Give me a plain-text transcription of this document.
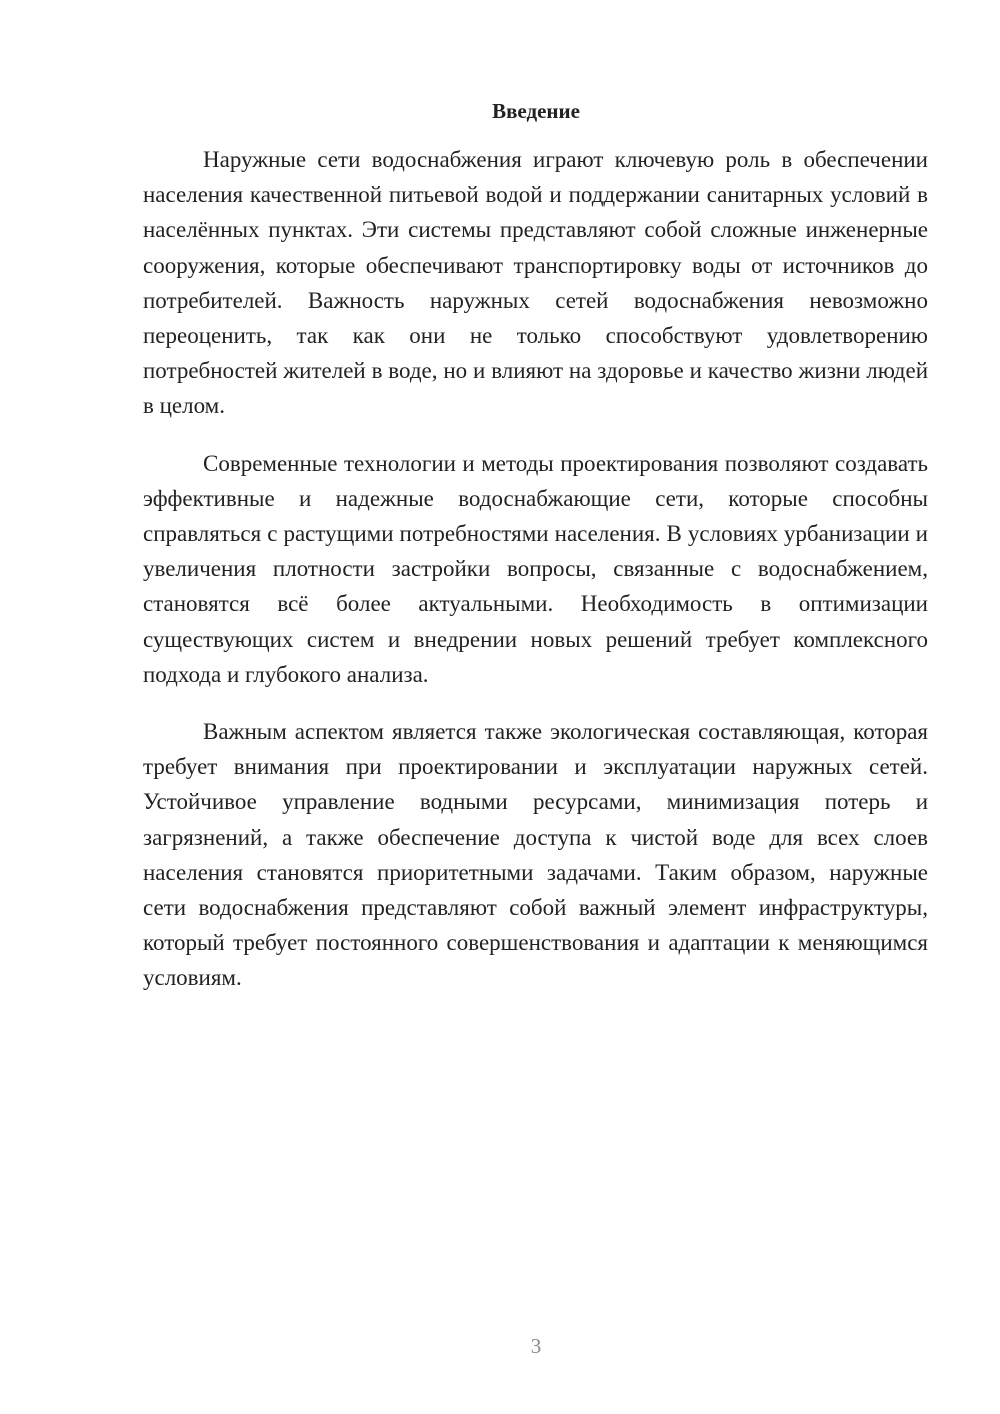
Введение

Наружные сети водоснабжения играют ключевую роль в обеспечении населения качественной питьевой водой и поддержании санитарных условий в населённых пунктах. Эти системы представляют собой сложные инженерные сооружения, которые обеспечивают транспортировку воды от источников до потребителей. Важность наружных сетей водоснабжения невозможно переоценить, так как они не только способствуют удовлетворению потребностей жителей в воде, но и влияют на здоровье и качество жизни людей в целом.

Современные технологии и методы проектирования позволяют создавать эффективные и надежные водоснабжающие сети, которые способны справляться с растущими потребностями населения. В условиях урбанизации и увеличения плотности застройки вопросы, связанные с водоснабжением, становятся всё более актуальными. Необходимость в оптимизации существующих систем и внедрении новых решений требует комплексного подхода и глубокого анализа.

Важным аспектом является также экологическая составляющая, которая требует внимания при проектировании и эксплуатации наружных сетей. Устойчивое управление водными ресурсами, минимизация потерь и загрязнений, а также обеспечение доступа к чистой воде для всех слоев населения становятся приоритетными задачами. Таким образом, наружные сети водоснабжения представляют собой важный элемент инфраструктуры, который требует постоянного совершенствования и адаптации к меняющимся условиям.

3
